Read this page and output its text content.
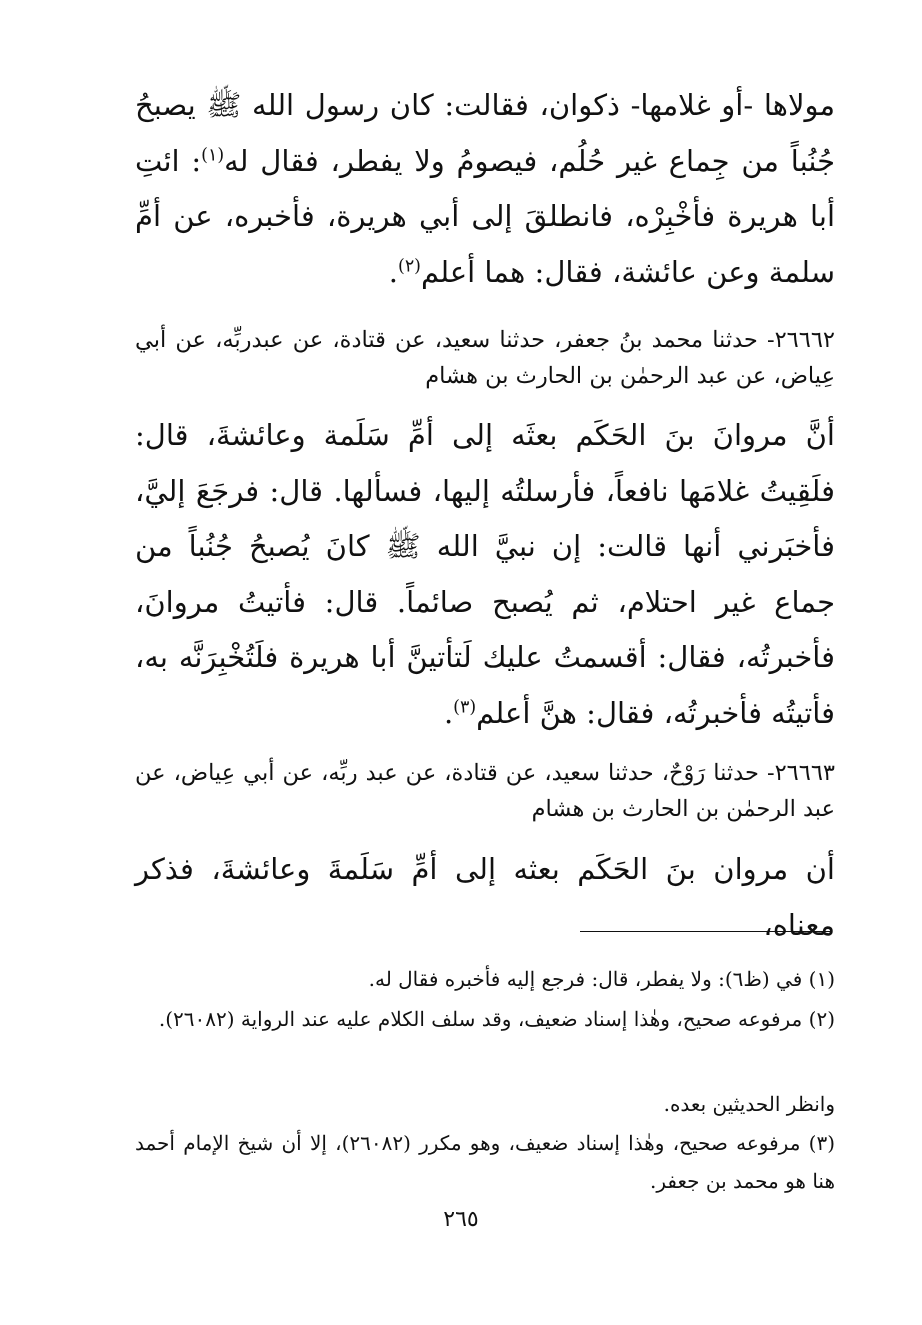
مولاها -أو غلامها- ذكوان، فقالت: كان رسول الله ﷺ يصبحُ جُنُباً من جِماع غير حُلُم، فيصومُ ولا يفطر، فقال له$^{(١)}$: ائتِ أبا هريرة فأخْبِرْه، فانطلقَ إلى أبي هريرة، فأخبره، عن أمِّ سلمة وعن عائشة، فقال: هما أعلم$^{(٢)}$.

٢٦٦٦٢- حدثنا محمد بنُ جعفر، حدثنا سعيد، عن قتادة، عن عبدربِّه، عن أبي عِياض، عن عبد الرحمٰن بن الحارث بن هشام

أنَّ مروانَ بنَ الحَكَم بعثَه إلى أمِّ سَلَمة وعائشةَ، قال: فلَقِيتُ غلامَها نافعاً، فأرسلتُه إليها، فسألها. قال: فرجَعَ إليَّ، فأخبَرني أنها قالت: إن نبيَّ الله ﷺ كانَ يُصبحُ جُنُباً من جماع غير احتلام، ثم يُصبح صائماً. قال: فأتيتُ مروانَ، فأخبرتُه، فقال: أقسمتُ عليك لَتأتينَّ أبا هريرة فلَتُخْبِرَنَّه به، فأتيتُه فأخبرتُه، فقال: هنَّ أعلم$^{(٣)}$.

٢٦٦٦٣- حدثنا رَوْحٌ، حدثنا سعيد، عن قتادة، عن عبد ربِّه، عن أبي عِياض، عن عبد الرحمٰن بن الحارث بن هشام

أن مروان بنَ الحَكَم بعثه إلى أمِّ سَلَمةَ وعائشةَ، فذكر معناه،

(١) في (ظ٦): ولا يفطر، قال: فرجع إليه فأخبره فقال له.

(٢) مرفوعه صحيح، وهٰذا إسناد ضعيف، وقد سلف الكلام عليه عند الرواية (٢٦٠٨٢).

وانظر الحديثين بعده.

(٣) مرفوعه صحيح، وهٰذا إسناد ضعيف، وهو مكرر (٢٦٠٨٢)، إلا أن شيخ الإمام أحمد هنا هو محمد بن جعفر.

٢٦٥
